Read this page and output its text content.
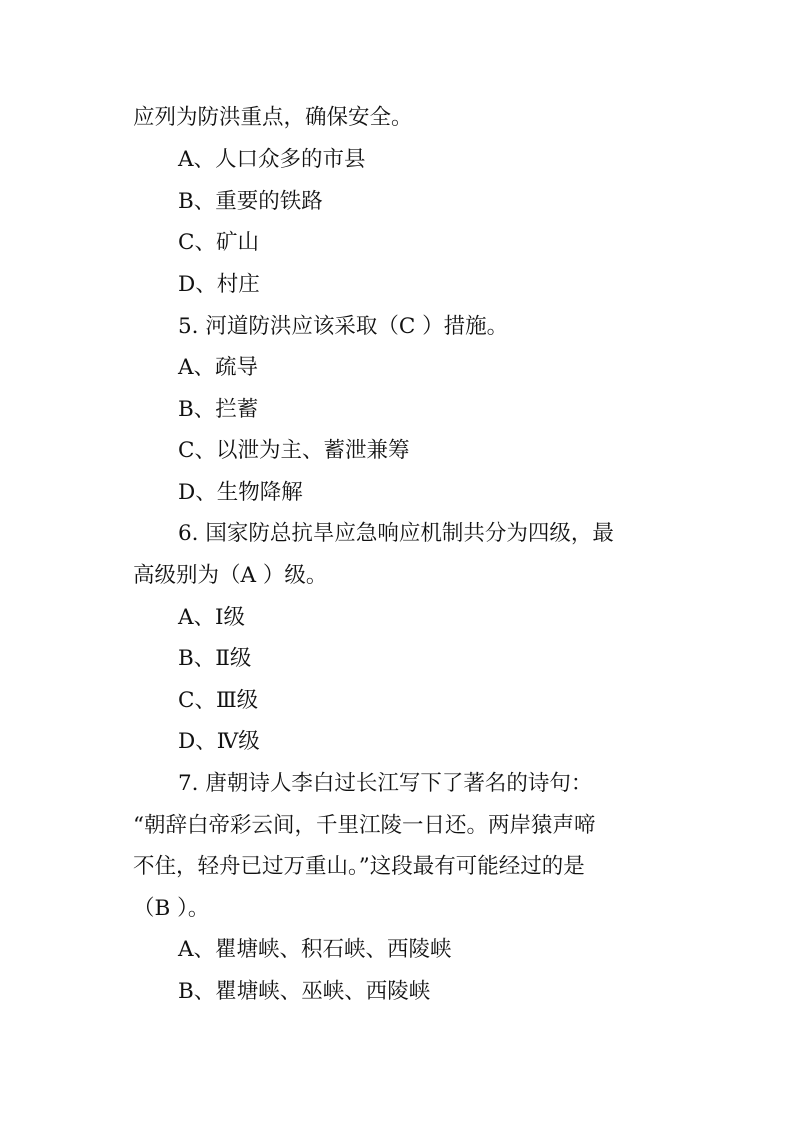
应列为防洪重点，确保安全。
A、人口众多的市县
B、重要的铁路
C、矿山
D、村庄
5. 河道防洪应该采取（C ）措施。
A、疏导
B、拦蓄
C、以泄为主、蓄泄兼筹
D、生物降解
6. 国家防总抗旱应急响应机制共分为四级，最
高级别为（A ）级。
A、Ⅰ级
B、Ⅱ级
C、Ⅲ级
D、Ⅳ级
7. 唐朝诗人李白过长江写下了著名的诗句：
“朝辞白帝彩云间，千里江陵一日还。两岸猿声啼
不住，轻舟已过万重山。”这段最有可能经过的是
（B ）。
A、瞿塘峡、积石峡、西陵峡
B、瞿塘峡、巫峡、西陵峡
